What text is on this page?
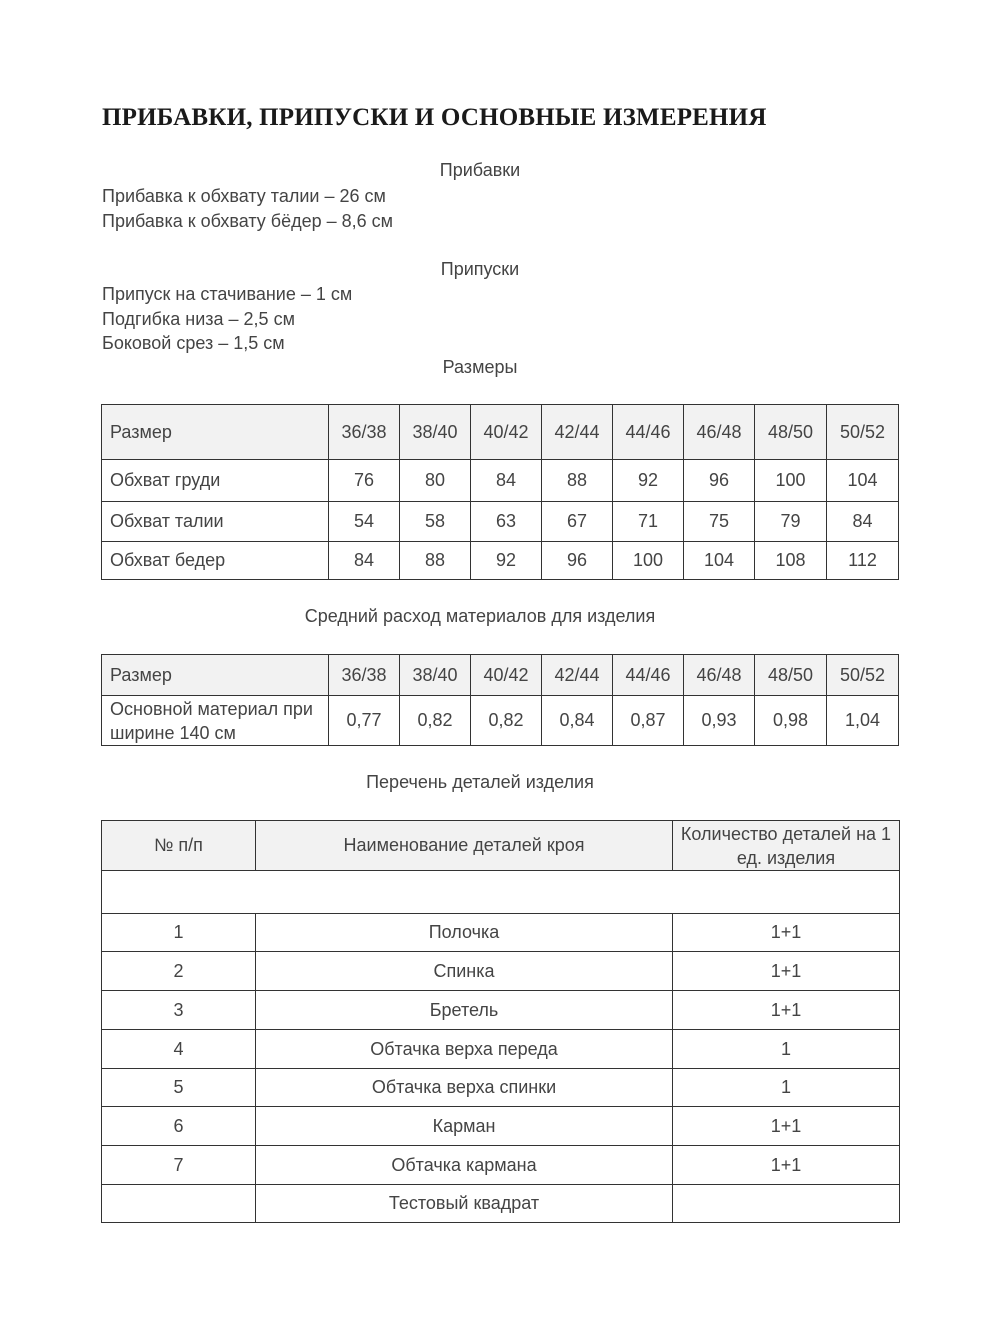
ПРИБАВКИ, ПРИПУСКИ И ОСНОВНЫЕ ИЗМЕРЕНИЯ
Прибавки
Прибавка к обхвату талии – 26 см
Прибавка к обхвату бёдер – 8,6 см
Припуски
Припуск на стачивание – 1 см
Подгибка низа – 2,5 см
Боковой срез – 1,5 см
Размеры
Размер	36/38	38/40	40/42	42/44	44/46	46/48	48/50	50/52
Обхват груди	76	80	84	88	92	96	100	104
Обхват талии	54	58	63	67	71	75	79	84
Обхват бедер	84	88	92	96	100	104	108	112
Средний расход материалов для изделия
Размер	36/38	38/40	40/42	42/44	44/46	46/48	48/50	50/52
Основной материал при ширине 140 см	0,77	0,82	0,82	0,84	0,87	0,93	0,98	1,04
Перечень деталей изделия
№ п/п	Наименование деталей кроя	Количество деталей на 1 ед. изделия

1	Полочка	1+1
2	Спинка	1+1
3	Бретель	1+1
4	Обтачка верха переда	1
5	Обтачка верха спинки	1
6	Карман	1+1
7	Обтачка кармана	1+1
	Тестовый квадрат	
